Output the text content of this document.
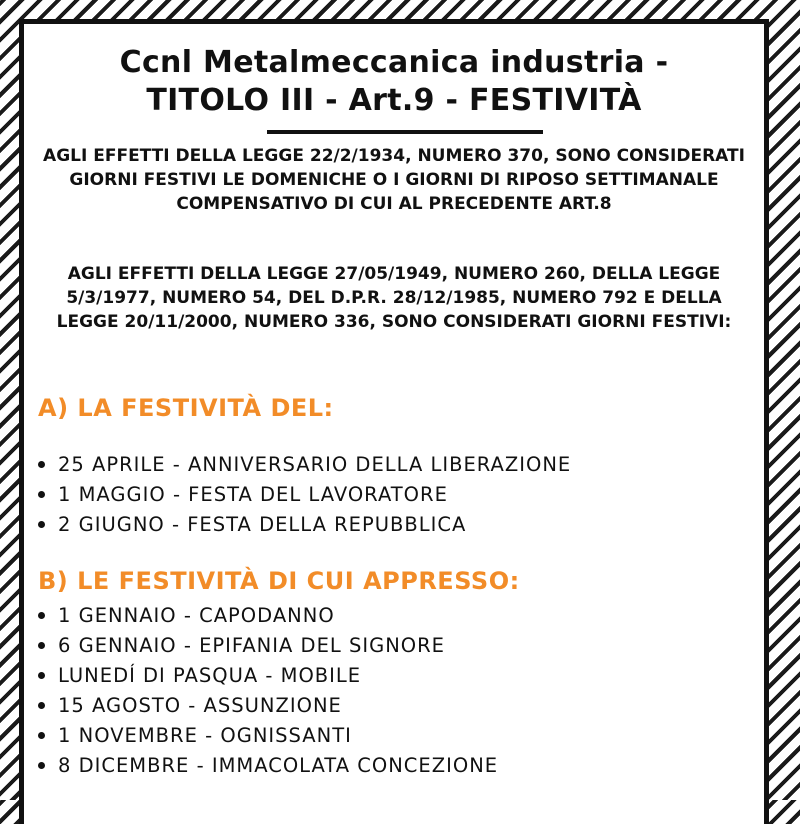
Ccnl Metalmeccanica industria -
TITOLO III - Art.9 - FESTIVITÀ
AGLI EFFETTI DELLA LEGGE 22/2/1934, NUMERO 370, SONO CONSIDERATI GIORNI FESTIVI LE DOMENICHE O I GIORNI DI RIPOSO SETTIMANALE COMPENSATIVO DI CUI AL PRECEDENTE ART.8
AGLI EFFETTI DELLA LEGGE 27/05/1949, NUMERO 260, DELLA LEGGE 5/3/1977, NUMERO 54, DEL D.P.R. 28/12/1985, NUMERO 792 E DELLA LEGGE 20/11/2000, NUMERO 336, SONO CONSIDERATI GIORNI FESTIVI:
A) LA FESTIVITÀ DEL:
25 APRILE - ANNIVERSARIO DELLA LIBERAZIONE
1 MAGGIO - FESTA DEL LAVORATORE
2 GIUGNO - FESTA DELLA REPUBBLICA
B) LE FESTIVITÀ DI CUI APPRESSO:
1 GENNAIO - CAPODANNO
6 GENNAIO - EPIFANIA DEL SIGNORE
LUNEDÍ DI PASQUA - MOBILE
15 AGOSTO - ASSUNZIONE
1 NOVEMBRE - OGNISSANTI
8 DICEMBRE - IMMACOLATA CONCEZIONE
